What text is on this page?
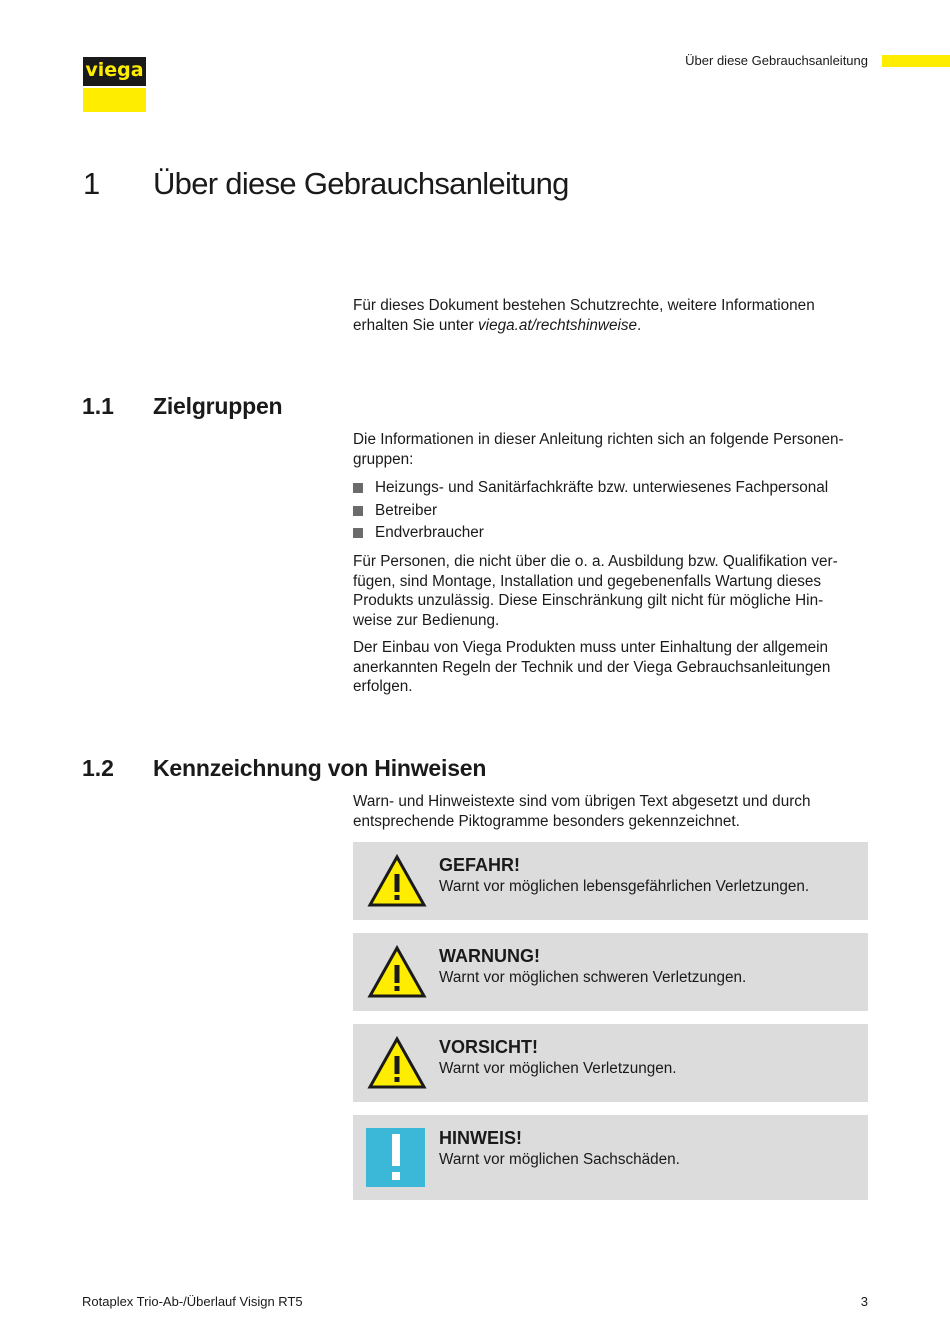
viega	Über diese Gebrauchsanleitung
1 Über diese Gebrauchsanleitung
Für dieses Dokument bestehen Schutzrechte, weitere Informationen
erhalten Sie unter viega.at/rechtshinweise.
1.1 Zielgruppen
Die Informationen in dieser Anleitung richten sich an folgende Personen-
gruppen:
Heizungs- und Sanitärfachkräfte bzw. unterwiesenes Fachpersonal
Betreiber
Endverbraucher
Für Personen, die nicht über die o. a. Ausbildung bzw. Qualifikation ver-
fügen, sind Montage, Installation und gegebenenfalls Wartung dieses
Produkts unzulässig. Diese Einschränkung gilt nicht für mögliche Hin-
weise zur Bedienung.
Der Einbau von Viega Produkten muss unter Einhaltung der allgemein
anerkannten Regeln der Technik und der Viega Gebrauchsanleitungen
erfolgen.
1.2 Kennzeichnung von Hinweisen
Warn- und Hinweistexte sind vom übrigen Text abgesetzt und durch
entsprechende Piktogramme besonders gekennzeichnet.
GEFAHR!
Warnt vor möglichen lebensgefährlichen Verletzungen.
WARNUNG!
Warnt vor möglichen schweren Verletzungen.
VORSICHT!
Warnt vor möglichen Verletzungen.
HINWEIS!
Warnt vor möglichen Sachschäden.
Rotaplex Trio-Ab-/Überlauf Visign RT5	3
